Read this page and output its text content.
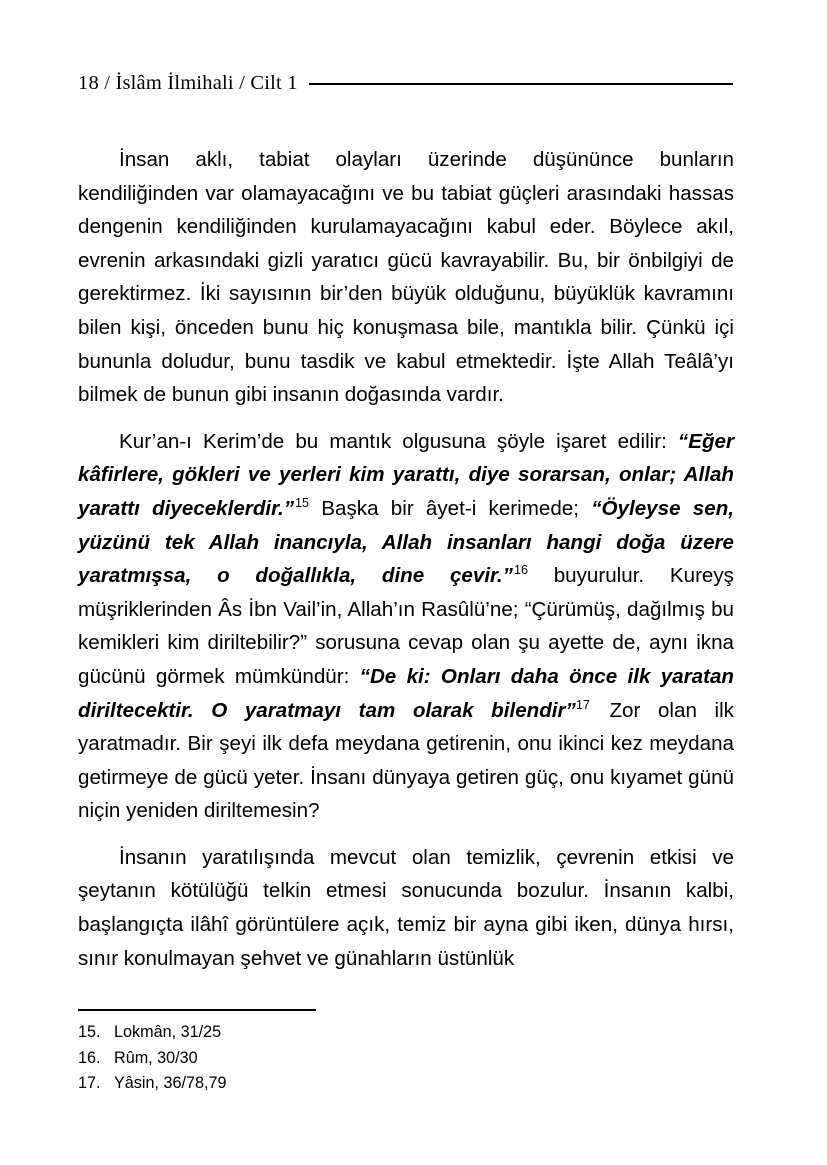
18 / İslâm İlmihali / Cilt 1

İnsan aklı, tabiat olayları üzerinde düşününce bunların kendiliğinden var olamayacağını ve bu tabiat güçleri arasındaki hassas dengenin kendiliğinden kurulamayacağını kabul eder. Böylece akıl, evrenin arkasındaki gizli yaratıcı gücü kavrayabilir. Bu, bir önbilgiyi de gerektirmez. İki sayısının bir’den büyük olduğunu, büyüklük kavramını bilen kişi, önceden bunu hiç konuşmasa bile, mantıkla bilir. Çünkü içi bununla doludur, bunu tasdik ve kabul etmektedir. İşte Allah Teâlâ’yı bilmek de bunun gibi insanın doğasında vardır.

Kur’an-ı Kerim’de bu mantık olgusuna şöyle işaret edilir: “Eğer kâfirlere, gökleri ve yerleri kim yarattı, diye sorarsan, onlar; Allah yarattı diyeceklerdir.”$^{15}$ Başka bir âyet-i kerimede; “Öyleyse sen, yüzünü tek Allah inancıyla, Allah insanları hangi doğa üzere yaratmışsa, o doğallıkla, dine çevir.”$^{16}$ buyurulur. Kureyş müşriklerinden Âs İbn Vail’in, Allah’ın Rasûlü’ne; “Çürümüş, dağılmış bu kemikleri kim diriltebilir?” sorusuna cevap olan şu ayette de, aynı ikna gücünü görmek mümkündür: “De ki: Onları daha önce ilk yaratan diriltecektir. O yaratmayı tam olarak bilendir”$^{17}$ Zor olan ilk yaratmadır. Bir şeyi ilk defa meydana getirenin, onu ikinci kez meydana getirmeye de gücü yeter. İnsanı dünyaya getiren güç, onu kıyamet günü niçin yeniden diriltemesin?

İnsanın yaratılışında mevcut olan temizlik, çevrenin etkisi ve şeytanın kötülüğü telkin etmesi sonucunda bozulur. İnsanın kalbi, başlangıçta ilâhî görüntülere açık, temiz bir ayna gibi iken, dünya hırsı, sınır konulmayan şehvet ve günahların üstünlük

15. Lokmân, 31/25
16. Rûm, 30/30
17. Yâsin, 36/78,79
